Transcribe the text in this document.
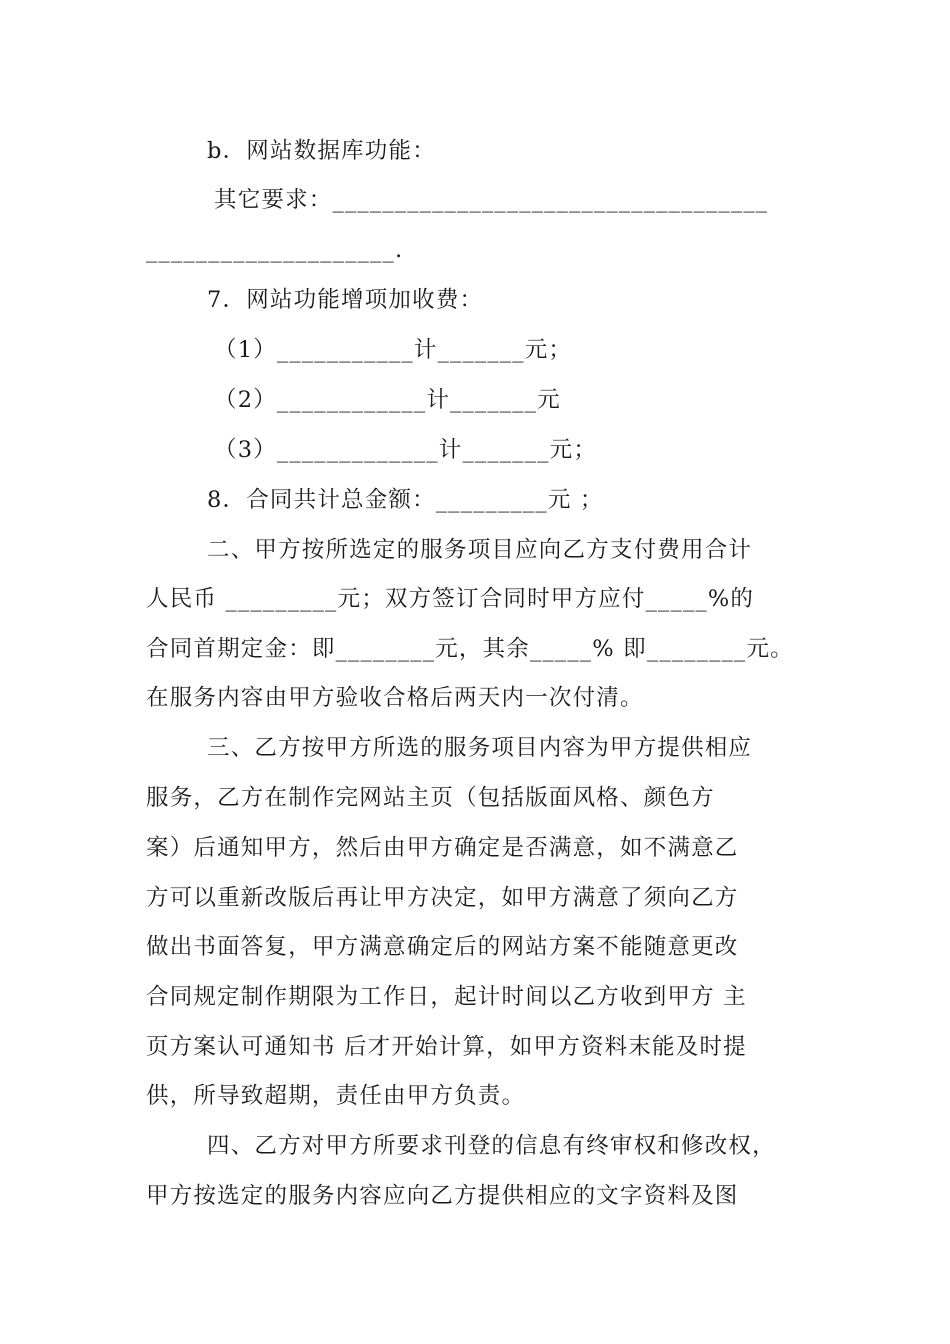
b．网站数据库功能：
其它要求：___________________________________
____________________.
7．网站功能增项加收费：
（1）___________计_______元；
（2）____________计_______元
（3）_____________计_______元；
8．合同共计总金额：_________元 ；
二、甲方按所选定的服务项目应向乙方支付费用合计
人民币 _________元；双方签订合同时甲方应付_____%的
合同首期定金：即________元，其余_____% 即________元。
在服务内容由甲方验收合格后两天内一次付清。
三、乙方按甲方所选的服务项目内容为甲方提供相应
服务，乙方在制作完网站主页（包括版面风格、颜色方
案）后通知甲方，然后由甲方确定是否满意，如不满意乙
方可以重新改版后再让甲方决定，如甲方满意了须向乙方
做出书面答复，甲方满意确定后的网站方案不能随意更改
合同规定制作期限为工作日，起计时间以乙方收到甲方 主
页方案认可通知书 后才开始计算，如甲方资料末能及时提
供，所导致超期，责任由甲方负责。
四、乙方对甲方所要求刊登的信息有终审权和修改权，
甲方按选定的服务内容应向乙方提供相应的文字资料及图
